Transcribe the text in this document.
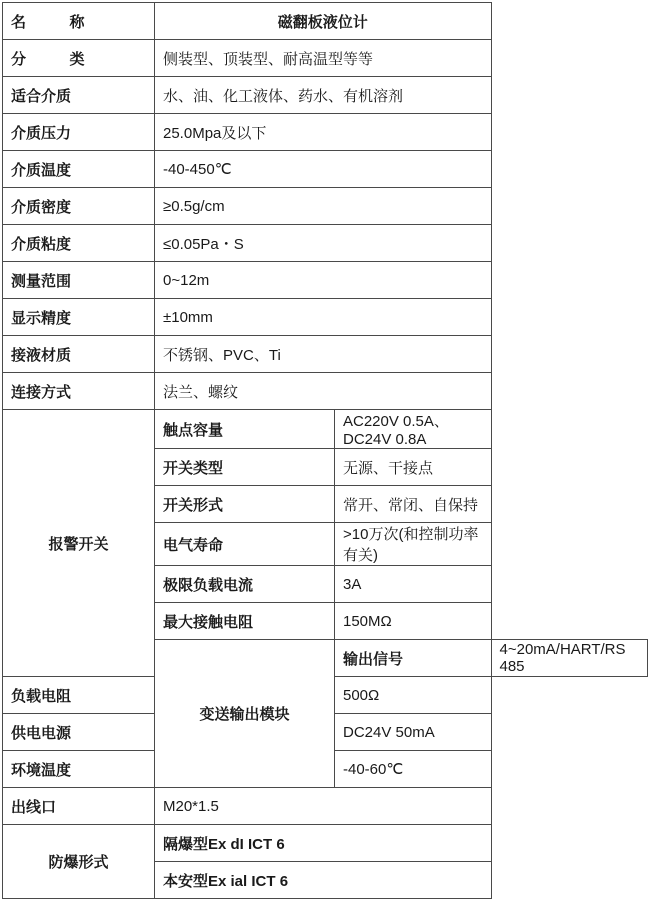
名　　称	磁翻板液位计		
分　　类	侧装型、顶装型、耐高温型等等		
适合介质	水、油、化工液体、药水、有机溶剂		
介质压力	25.0Mpa及以下		
介质温度	-40-450℃		
介质密度	≥0.5g/cm		
介质粘度	≤0.05Pa・S		
测量范围	0~12m		
显示精度	±10mm		
接液材质	不锈钢、PVC、Ti		
连接方式	法兰、螺纹		
报警开关	触点容量	AC220V 0.5A、DC24V 0.8A	
	开关类型	无源、干接点	
	开关形式	常开、常闭、自保持	
	电气寿命	>10万次(和控制功率有关)	
	极限负载电流	3A	
	最大接触电阻	150MΩ	
	变送输出模块	输出信号	4~20mA/HART/RS 485
负载电阻		500Ω	
供电电源		DC24V 50mA	
环境温度		-40-60℃	
出线口	M20*1.5		
防爆形式	隔爆型Ex dI ICT 6		
	本安型Ex ial ICT 6		
